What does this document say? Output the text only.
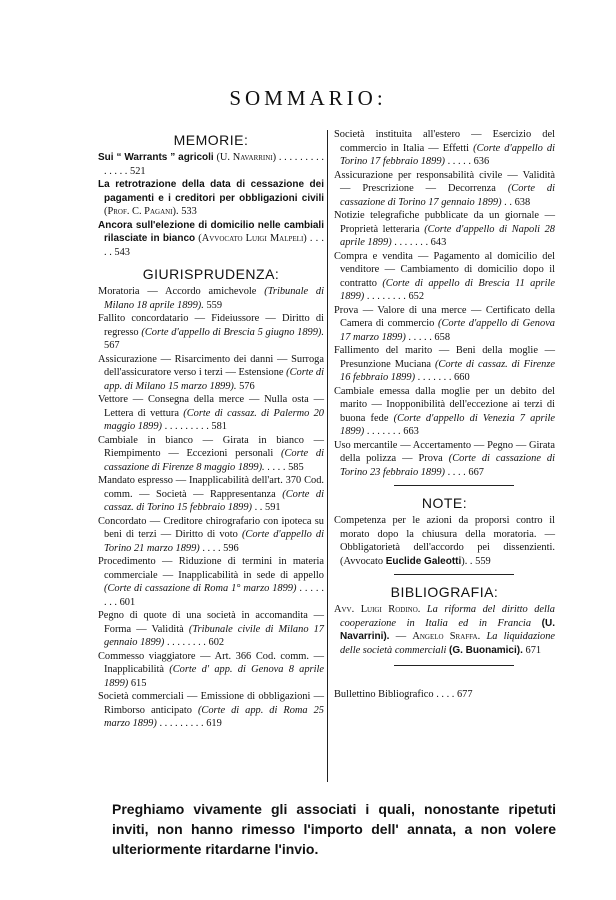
SOMMARIO:
MEMORIE:

Sui “ Warrants ” agricoli (U. Navarrini) . . . . . . . . . . . . . . 521

La retrotrazione della data di cessazione dei pagamenti e i creditori per obbligazioni civili (Prof. C. Pagani). 533

Ancora sull'elezione di domicilio nelle cambiali rilasciate in bianco (Avvocato Luigi Malpeli) . . . . . 543

GIURISPRUDENZA:

Moratoria — Accordo amichevole (Tribunale di Milano 18 aprile 1899). 559

Fallito concordatario — Fideiussore — Diritto di regresso (Corte d'appello di Brescia 5 giugno 1899). 567

Assicurazione — Risarcimento dei danni — Surroga dell'assicuratore verso i terzi — Estensione (Corte di app. di Milano 15 marzo 1899). 576

Vettore — Consegna della merce — Nulla osta — Lettera di vettura (Corte di cassaz. di Palermo 20 maggio 1899) . . . . . . . . . 581

Cambiale in bianco — Girata in bianco — Riempimento — Eccezioni personali (Corte di cassazione di Firenze 8 maggio 1899). . . . . 585

Mandato espresso — Inapplicabilità dell'art. 370 Cod. comm. — Società — Rappresentanza (Corte di cassaz. di Torino 15 febbraio 1899) . . 591

Concordato — Creditore chirografario con ipoteca su beni di terzi — Diritto di voto (Corte d'appello di Torino 21 marzo 1899) . . . . 596

Procedimento — Riduzione di termini in materia commerciale — Inapplicabilità in sede di appello (Corte di cassazione di Roma 1° marzo 1899) . . . . . . . . 601

Pegno di quote di una società in accomandita — Forma — Validità (Tribunale civile di Milano 17 gennaio 1899) . . . . . . . . 602

Commesso viaggiatore — Art. 366 Cod. comm. — Inapplicabilità (Corte d' app. di Genova 8 aprile 1899) 615

Società commerciali — Emissione di obbligazioni — Rimborso anticipato (Corte di app. di Roma 25 marzo 1899) . . . . . . . . . 619

Società instituita all'estero — Esercizio del commercio in Italia — Effetti (Corte d'appello di Torino 17 febbraio 1899) . . . . . 636

Assicurazione per responsabilità civile — Validità — Prescrizione — Decorrenza (Corte di cassazione di Torino 17 gennaio 1899) . . 638

Notizie telegrafiche pubblicate da un giornale — Proprietà letteraria (Corte d'appello di Napoli 28 aprile 1899) . . . . . . . 643

Compra e vendita — Pagamento al domicilio del venditore — Cambiamento di domicilio dopo il contratto (Corte di appello di Brescia 11 aprile 1899) . . . . . . . . 652

Prova — Valore di una merce — Certificato della Camera di commercio (Corte d'appello di Genova 17 marzo 1899) . . . . . 658

Fallimento del marito — Beni della moglie — Presunzione Muciana (Corte di cassaz. di Firenze 16 febbraio 1899) . . . . . . . 660

Cambiale emessa dalla moglie per un debito del marito — Inopponibilità dell'eccezione ai terzi di buona fede (Corte d'appello di Venezia 7 aprile 1899) . . . . . . . 663

Uso mercantile — Accertamento — Pegno — Girata della polizza — Prova (Corte di cassazione di Torino 23 febbraio 1899) . . . . 667

NOTE:

Competenza per le azioni da proporsi contro il morato dopo la chiusura della moratoria. — Obbligatorietà dell'accordo pei dissenzienti. (Avvocato Euclide Galeotti). . 559

BIBLIOGRAFIA:

Avv. Luigi Rodino. La riforma del diritto della cooperazione in Italia ed in Francia (U. Navarrini). — Angelo Sraffa. La liquidazione delle società commerciali (G. Buonamici). 671

Bullettino Bibliografico . . . . 677

Preghiamo vivamente gli associati i quali, nonostante ripetuti inviti, non hanno rimesso l'importo dell' annata, a non volere ulteriormente ritardarne l'invio.
